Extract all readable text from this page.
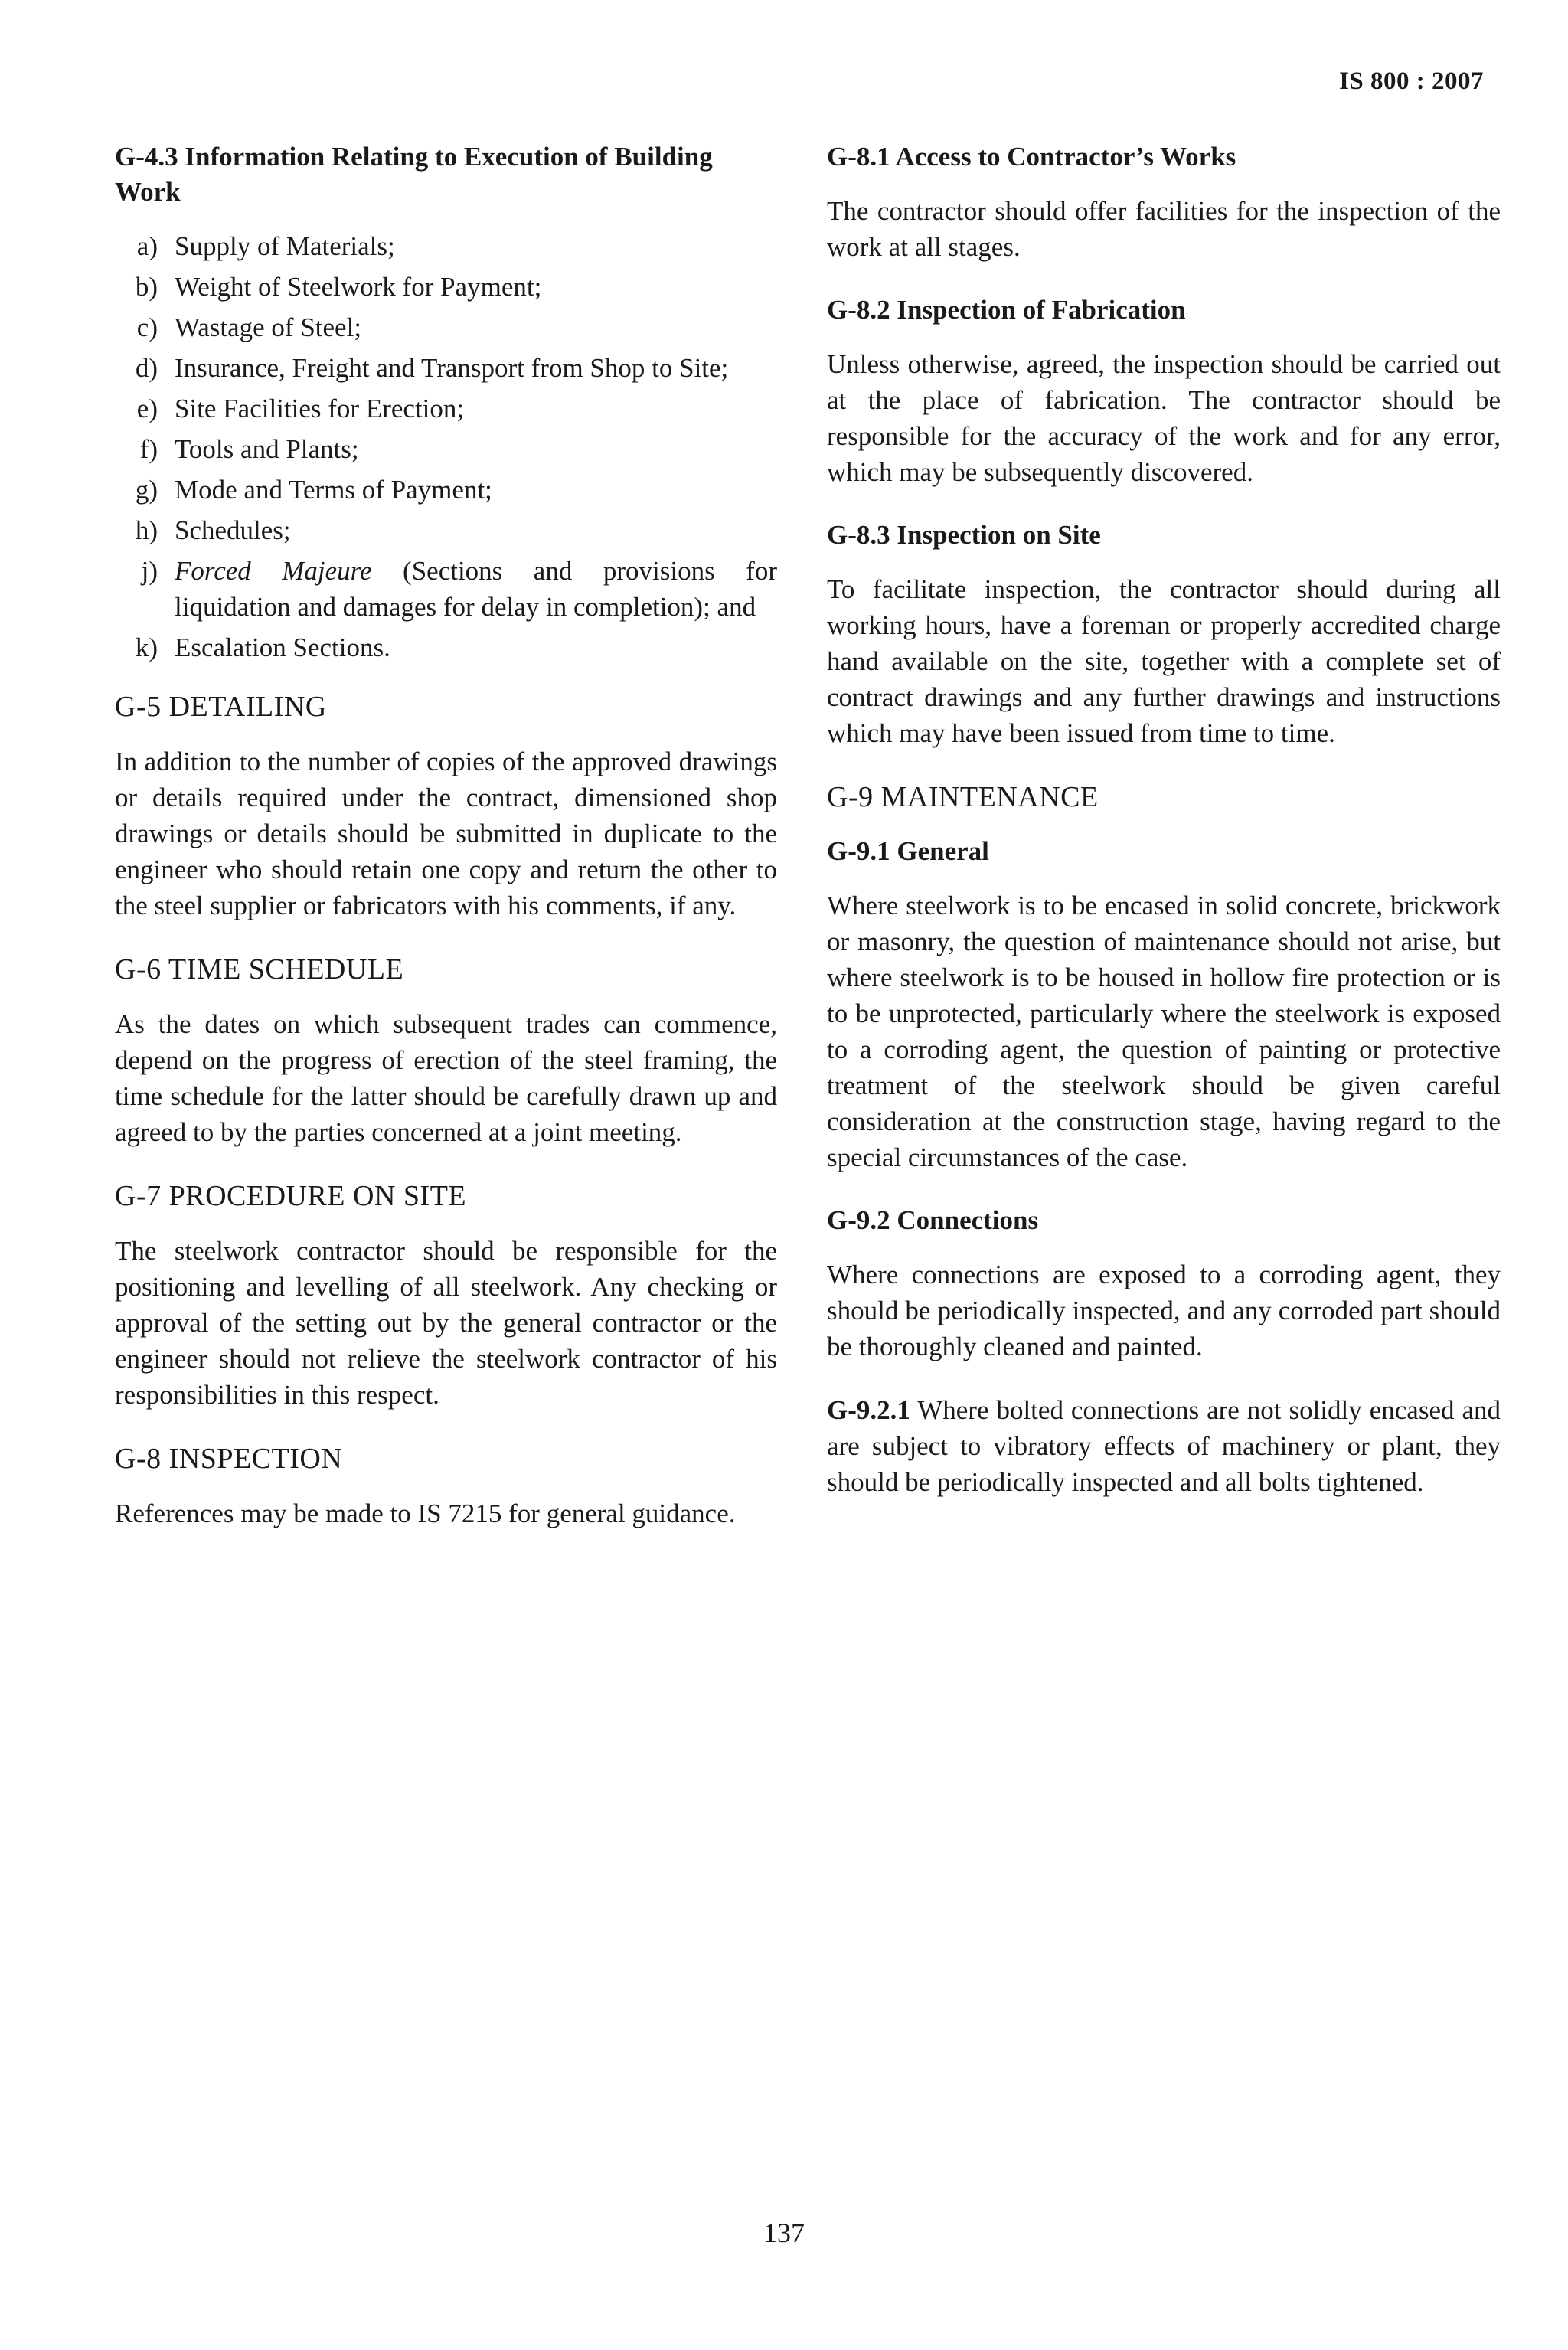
IS 800 : 2007
G-4.3 Information Relating to Execution of Building Work
a) Supply of Materials;
b) Weight of Steelwork for Payment;
c) Wastage of Steel;
d) Insurance, Freight and Transport from Shop to Site;
e) Site Facilities for Erection;
f) Tools and Plants;
g) Mode and Terms of Payment;
h) Schedules;
j) Forced Majeure (Sections and provisions for liquidation and damages for delay in completion); and
k) Escalation Sections.
G-5 DETAILING

In addition to the number of copies of the approved drawings or details required under the contract, dimensioned shop drawings or details should be submitted in duplicate to the engineer who should retain one copy and return the other to the steel supplier or fabricators with his comments, if any.

G-6 TIME SCHEDULE

As the dates on which subsequent trades can commence, depend on the progress of erection of the steel framing, the time schedule for the latter should be carefully drawn up and agreed to by the parties concerned at a joint meeting.

G-7 PROCEDURE ON SITE

The steelwork contractor should be responsible for the positioning and levelling of all steelwork. Any checking or approval of the setting out by the general contractor or the engineer should not relieve the steelwork contractor of his responsibilities in this respect.

G-8 INSPECTION

References may be made to IS 7215 for general guidance.

G-8.1 Access to Contractor’s Works

The contractor should offer facilities for the inspection of the work at all stages.

G-8.2 Inspection of Fabrication

Unless otherwise, agreed, the inspection should be carried out at the place of fabrication. The contractor should be responsible for the accuracy of the work and for any error, which may be subsequently discovered.

G-8.3 Inspection on Site

To facilitate inspection, the contractor should during all working hours, have a foreman or properly accredited charge hand available on the site, together with a complete set of contract drawings and any further drawings and instructions which may have been issued from time to time.

G-9 MAINTENANCE
G-9.1 General

Where steelwork is to be encased in solid concrete, brickwork or masonry, the question of maintenance should not arise, but where steelwork is to be housed in hollow fire protection or is to be unprotected, particularly where the steelwork is exposed to a corroding agent, the question of painting or protective treatment of the steelwork should be given careful consideration at the construction stage, having regard to the special circumstances of the case.

G-9.2 Connections

Where connections are exposed to a corroding agent, they should be periodically inspected, and any corroded part should be thoroughly cleaned and painted.

G-9.2.1 Where bolted connections are not solidly encased and are subject to vibratory effects of machinery or plant, they should be periodically inspected and all bolts tightened.

137
